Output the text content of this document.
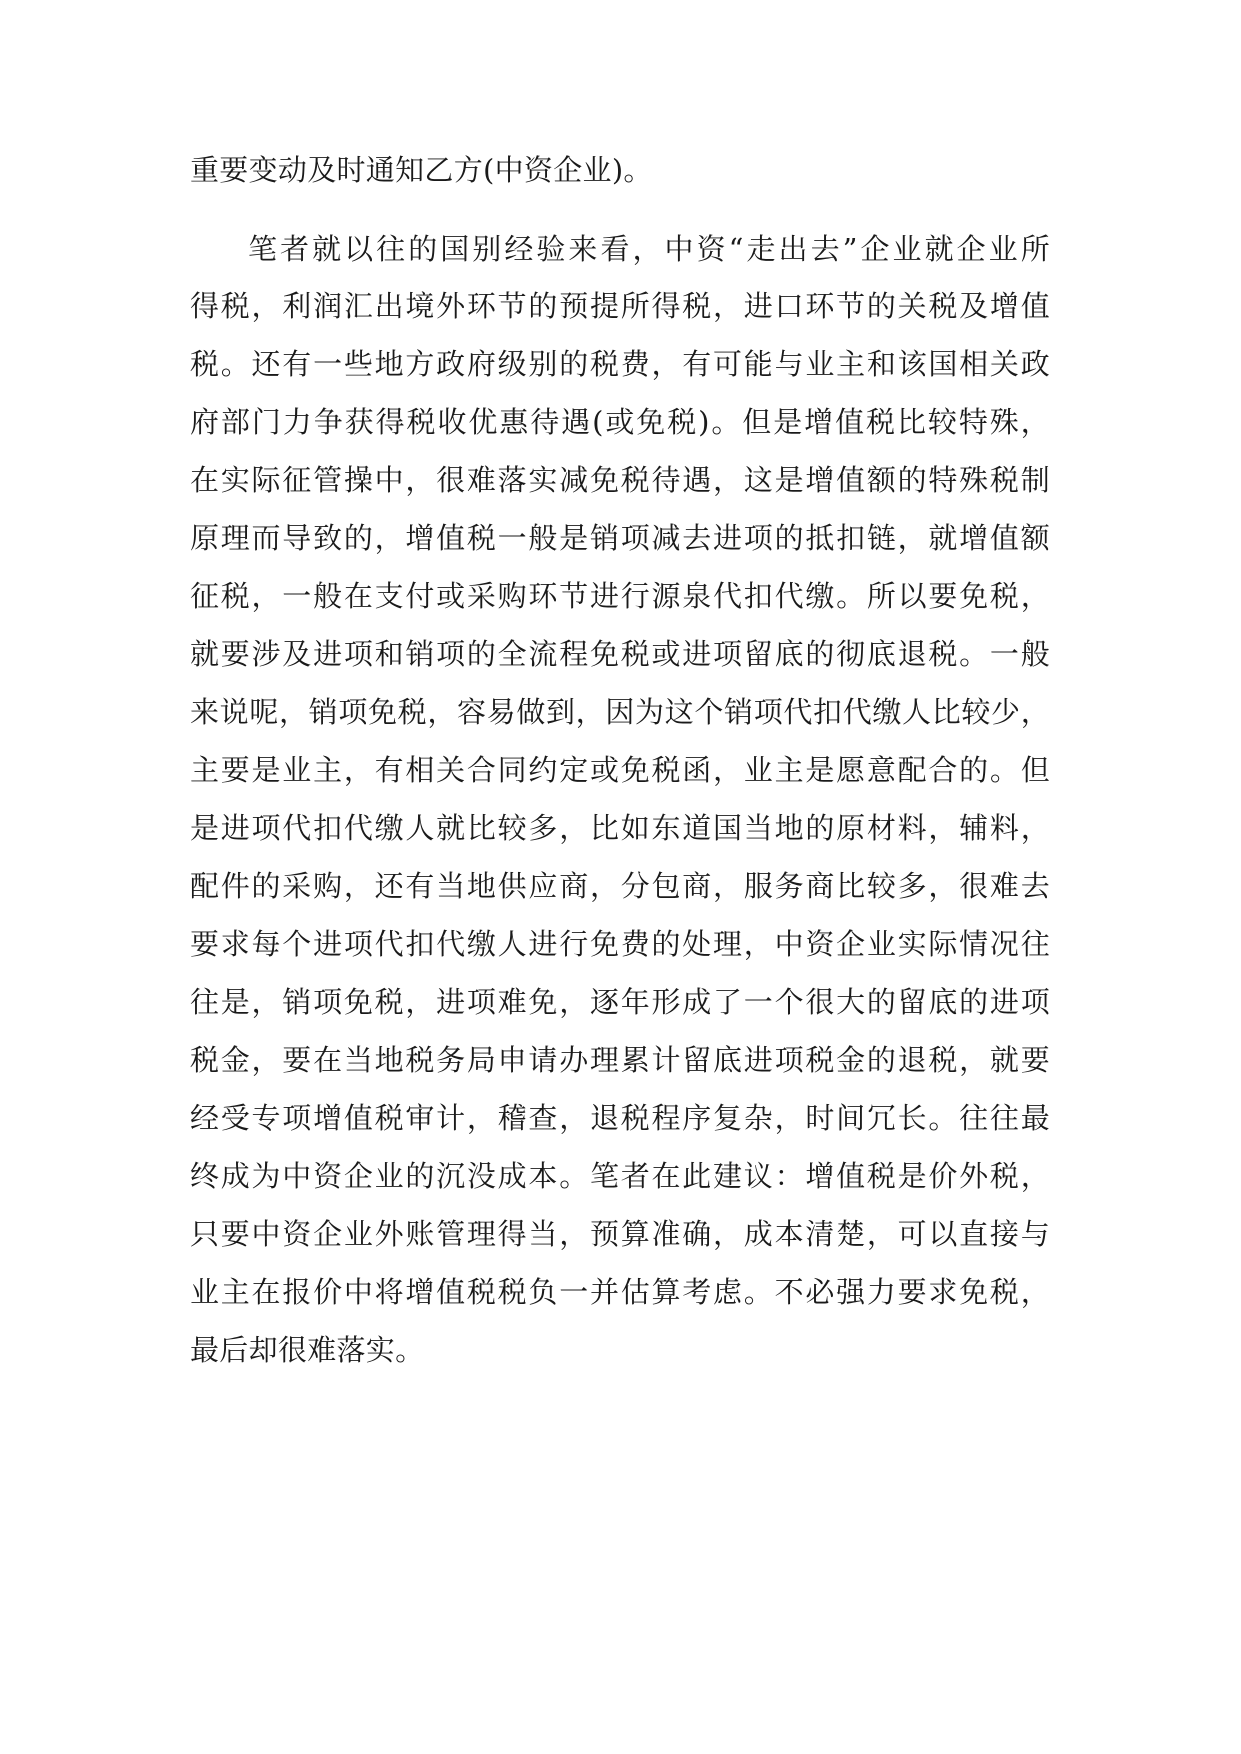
重要变动及时通知乙方(中资企业)。
笔者就以往的国别经验来看，中资“走出去”企业就企业所
得税，利润汇出境外环节的预提所得税，进口环节的关税及增值
税。还有一些地方政府级别的税费，有可能与业主和该国相关政
府部门力争获得税收优惠待遇(或免税)。但是增值税比较特殊，
在实际征管操中，很难落实减免税待遇，这是增值额的特殊税制
原理而导致的，增值税一般是销项减去进项的抵扣链，就增值额
征税，一般在支付或采购环节进行源泉代扣代缴。所以要免税，
就要涉及进项和销项的全流程免税或进项留底的彻底退税。一般
来说呢，销项免税，容易做到，因为这个销项代扣代缴人比较少，
主要是业主，有相关合同约定或免税函，业主是愿意配合的。但
是进项代扣代缴人就比较多，比如东道国当地的原材料，辅料，
配件的采购，还有当地供应商，分包商，服务商比较多，很难去
要求每个进项代扣代缴人进行免费的处理，中资企业实际情况往
往是，销项免税，进项难免，逐年形成了一个很大的留底的进项
税金，要在当地税务局申请办理累计留底进项税金的退税，就要
经受专项增值税审计，稽查，退税程序复杂，时间冗长。往往最
终成为中资企业的沉没成本。笔者在此建议：增值税是价外税，
只要中资企业外账管理得当，预算准确，成本清楚，可以直接与
业主在报价中将增值税税负一并估算考虑。不必强力要求免税，
最后却很难落实。
